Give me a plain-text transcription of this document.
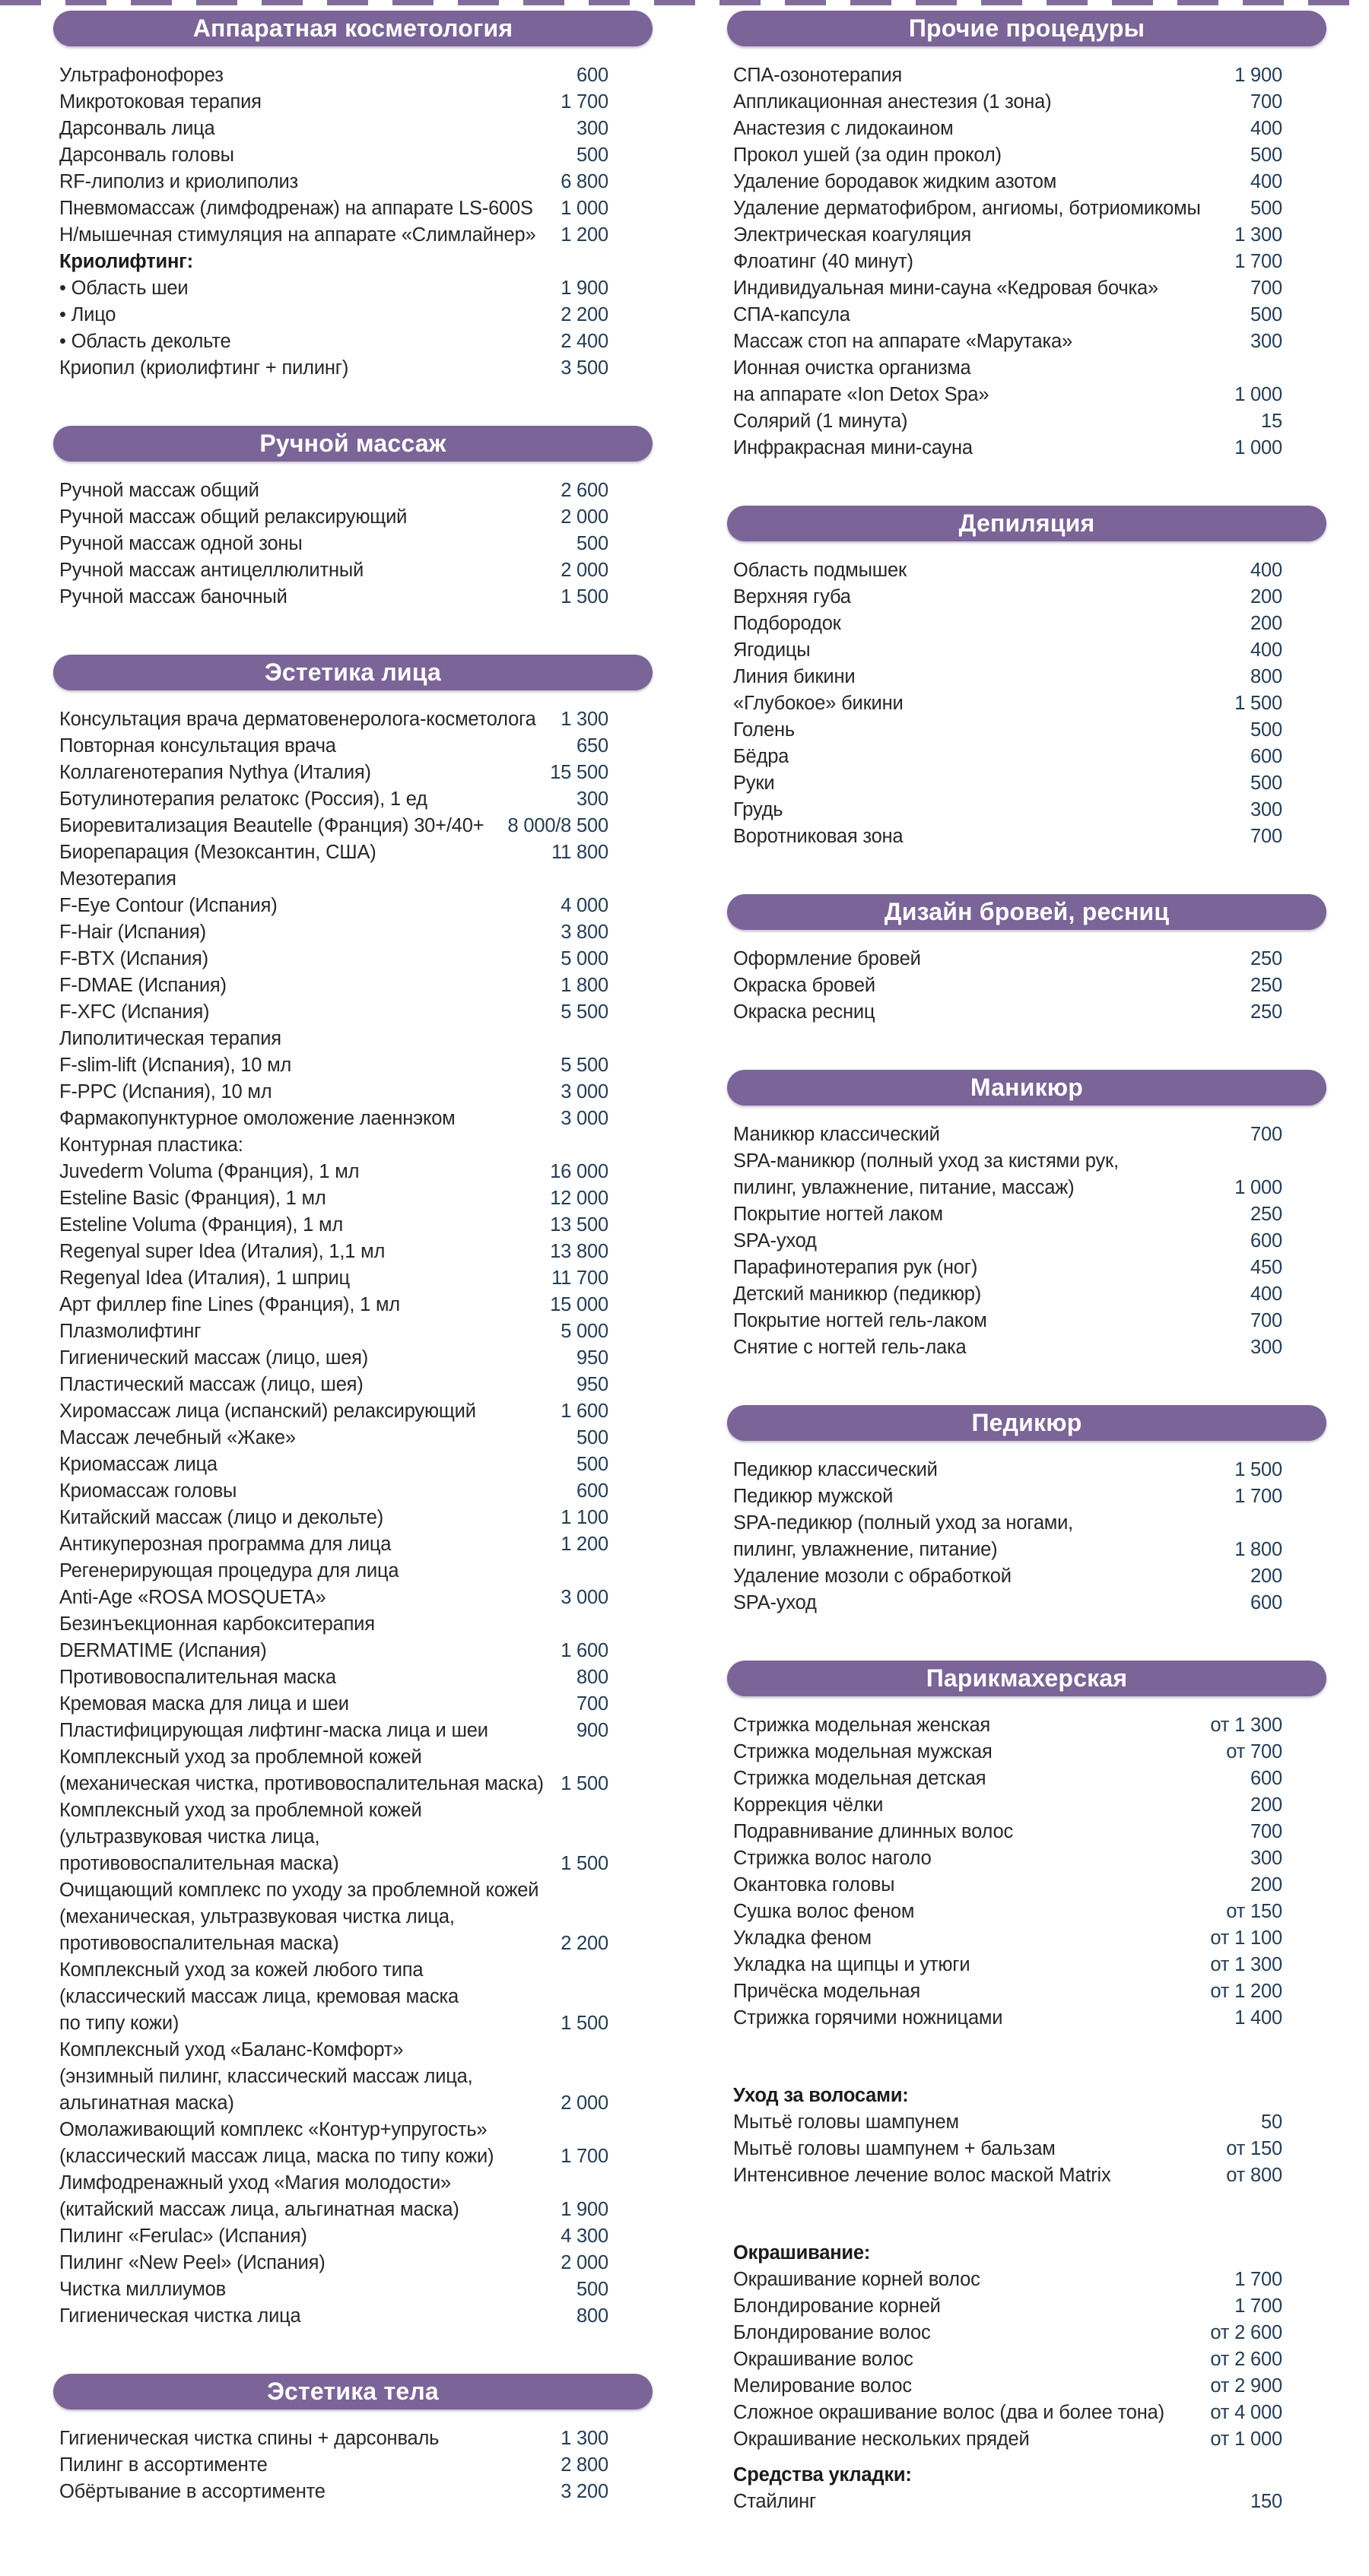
Аппаратная косметология
Ультрафонофорез	600
Микротоковая терапия	1 700
Дарсонваль лица	300
Дарсонваль головы	500
RF-липолиз и криолиполиз	6 800
Пневмомассаж (лимфодренаж) на аппарате LS-600S	1 000
Н/мышечная стимуляция на аппарате «Слимлайнер»	1 200
Криолифтинг:
• Область шеи	1 900
• Лицо	2 200
• Область декольте	2 400
Криопил (криолифтинг + пилинг)	3 500
Ручной массаж
Ручной массаж общий	2 600
Ручной массаж общий релаксирующий	2 000
Ручной массаж одной зоны	500
Ручной массаж антицеллюлитный	2 000
Ручной массаж баночный	1 500
Эстетика лица
Консультация врача дерматовенеролога-косметолога	1 300
Повторная консультация врача	650
Коллагенотерапия Nythya (Италия)	15 500
Ботулинотерапия релатокс (Россия), 1 ед	300
Биоревитализация Beautelle (Франция) 30+/40+	8 000/8 500
Биорепарация (Мезоксантин, США)	11 800
Мезотерапия
F-Eye Contour (Испания)	4 000
F-Hair (Испания)	3 800
F-BTX (Испания)	5 000
F-DMAE (Испания)	1 800
F-XFC (Испания)	5 500
Липолитическая терапия
F-slim-lift (Испания), 10 мл	5 500
F-PPC (Испания), 10 мл	3 000
Фармакопунктурное омоложение лаеннэком	3 000
Контурная пластика:
Juvederm Voluma (Франция), 1 мл	16 000
Esteline Basic (Франция), 1 мл	12 000
Esteline Voluma (Франция), 1 мл	13 500
Regenyal super Idea (Италия), 1,1 мл	13 800
Regenyal Idea (Италия), 1 шприц	11 700
Арт филлер fine Lines (Франция), 1 мл	15 000
Плазмолифтинг	5 000
Гигиенический массаж (лицо, шея)	950
Пластический массаж (лицо, шея)	950
Хиромассаж лица (испанский) релаксирующий	1 600
Массаж лечебный «Жаке»	500
Криомассаж лица	500
Криомассаж головы	600
Китайский массаж (лицо и декольте)	1 100
Антикуперозная программа для лица	1 200
Регенерирующая процедура для лица
Anti-Age «ROSA MOSQUETA»	3 000
Безинъекционная карбокситерапия
DERMATIME (Испания)	1 600
Противовоспалительная маска	800
Кремовая маска для лица и шеи	700
Пластифицирующая лифтинг-маска лица и шеи	900
Комплексный уход за проблемной кожей
(механическая чистка, противовоспалительная маска) 1 500
Комплексный уход за проблемной кожей
(ультразвуковая чистка лица,
противовоспалительная маска)	1 500
Очищающий комплекс по уходу за проблемной кожей
(механическая, ультразвуковая чистка лица,
противовоспалительная маска)	2 200
Комплексный уход за кожей любого типа
(классический массаж лица, кремовая маска
по типу кожи)	1 500
Комплексный уход «Баланс-Комфорт»
(энзимный пилинг, классический массаж лица,
альгинатная маска)	2 000
Омолаживающий комплекс «Контур+упругость»
(классический массаж лица, маска по типу кожи)	1 700
Лимфодренажный уход «Магия молодости»
(китайский массаж лица, альгинатная маска)	1 900
Пилинг «Ferulac» (Испания)	4 300
Пилинг «New Peel» (Испания)	2 000
Чистка миллиумов	500
Гигиеническая чистка лица	800
Эстетика тела
Гигиеническая чистка спины + дарсонваль	1 300
Пилинг в ассортименте	2 800
Обёртывание в ассортименте	3 200
Прочие процедуры
СПА-озонотерапия	1 900
Аппликационная анестезия (1 зона)	700
Анастезия с лидокаином	400
Прокол ушей (за один прокол)	500
Удаление бородавок жидким азотом	400
Удаление дерматофибром, ангиомы, ботриомикомы	500
Электрическая коагуляция	1 300
Флоатинг (40 минут)	1 700
Индивидуальная мини-сауна «Кедровая бочка»	700
СПА-капсула	500
Массаж стоп на аппарате «Марутака»	300
Ионная очистка организма
на аппарате «Ion Detox Spa»	1 000
Солярий (1 минута)	15
Инфракрасная мини-сауна	1 000
Депиляция
Область подмышек	400
Верхняя губа	200
Подбородок	200
Ягодицы	400
Линия бикини	800
«Глубокое» бикини	1 500
Голень	500
Бёдра	600
Руки	500
Грудь	300
Воротниковая зона	700
Дизайн бровей, ресниц
Оформление бровей	250
Окраска бровей	250
Окраска ресниц	250
Маникюр
Маникюр классический	700
SPA-маникюр (полный уход за кистями рук,
пилинг, увлажнение, питание, массаж)	1 000
Покрытие ногтей лаком	250
SPA-уход	600
Парафинотерапия рук (ног)	450
Детский маникюр (педикюр)	400
Покрытие ногтей гель-лаком	700
Снятие с ногтей гель-лака	300
Педикюр
Педикюр классический	1 500
Педикюр мужской	1 700
SPA-педикюр (полный уход за ногами,
пилинг, увлажнение, питание)	1 800
Удаление мозоли с обработкой	200
SPA-уход	600
Парикмахерская
Стрижка модельная женская	от 1 300
Стрижка модельная мужская	от 700
Стрижка модельная детская	600
Коррекция чёлки	200
Подравнивание длинных волос	700
Стрижка волос наголо	300
Окантовка головы	200
Сушка волос феном	от 150
Укладка феном	от 1 100
Укладка на щипцы и утюги	от 1 300
Причёска модельная	от 1 200
Стрижка горячими ножницами	1 400
Уход за волосами:
Мытьё головы шампунем	50
Мытьё головы шампунем + бальзам	от 150
Интенсивное лечение волос маской Matrix	от 800
Окрашивание:
Окрашивание корней волос	1 700
Блондирование корней	1 700
Блондирование волос	от 2 600
Окрашивание волос	от 2 600
Мелирование волос	от 2 900
Сложное окрашивание волос (два и более тона)	от 4 000
Окрашивание нескольких прядей	от 1 000
Средства укладки:
Стайлинг	150
